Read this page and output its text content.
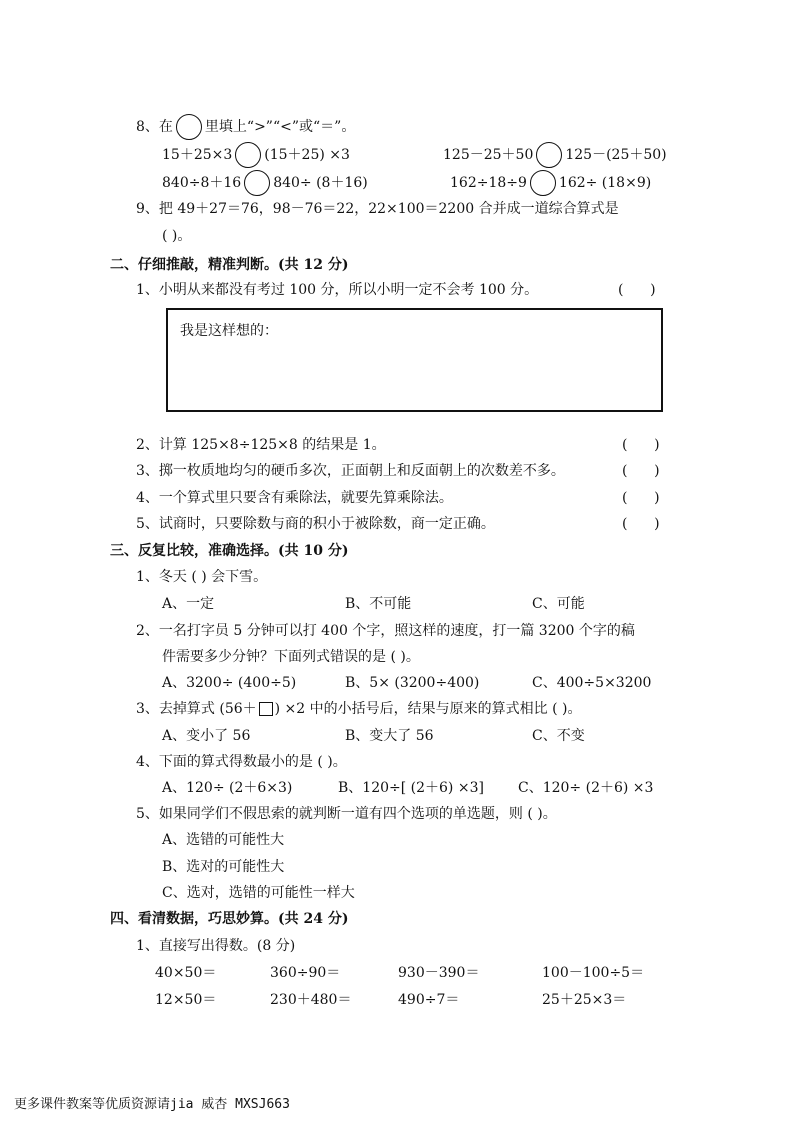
8、在 里填上“>”“<”或“＝”。
15＋25×3 (15＋25) ×3	125－25＋50 125－(25＋50)
840÷8＋16 840÷ (8＋16)	162÷18÷9 162÷ (18×9)
9、把 49＋27＝76，98－76＝22，22×100＝2200 合并成一道综合算式是
( )。
二、仔细推敲，精准判断。(共 12 分)
1、小明从来都没有考过 100 分，所以小明一定不会考 100 分。	(      )
我是这样想的：
2、计算 125×8÷125×8 的结果是 1。	(      )
3、掷一枚质地均匀的硬币多次，正面朝上和反面朝上的次数差不多。	(      )
4、一个算式里只要含有乘除法，就要先算乘除法。	(      )
5、试商时，只要除数与商的积小于被除数，商一定正确。	(      )
三、反复比较，准确选择。(共 10 分)
1、冬天 ( ) 会下雪。
A、一定	B、不可能	C、可能
2、一名打字员 5 分钟可以打 400 个字，照这样的速度，打一篇 3200 个字的稿
件需要多少分钟？下面列式错误的是 ( )。
A、3200÷ (400÷5)	B、5× (3200÷400)	C、400÷5×3200
3、去掉算式 (56＋ ) ×2 中的小括号后，结果与原来的算式相比 ( )。
A、变小了 56	B、变大了 56	C、不变
4、下面的算式得数最小的是 ( )。
A、120÷ (2＋6×3)	B、120÷[ (2＋6) ×3] C、120÷ (2＋6) ×3
5、如果同学们不假思索的就判断一道有四个选项的单选题，则 ( )。
A、选错的可能性大
B、选对的可能性大
C、选对，选错的可能性一样大
四、看清数据，巧思妙算。(共 24 分)
1、直接写出得数。(8 分)
40×50＝	360÷90＝	930－390＝	100－100÷5＝
12×50＝	230＋480＝	490÷7＝	25＋25×3＝
更多课件教案等优质资源请jia 威杏 MXSJ663
